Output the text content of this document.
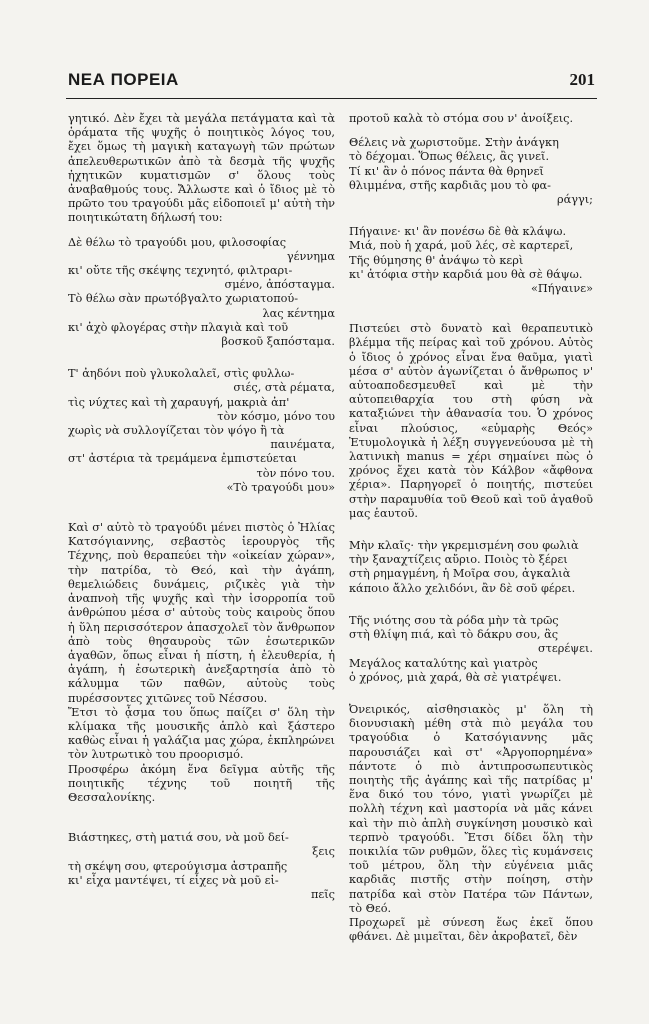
ΝΕΑ ΠΟΡΕΙΑ	201

γητικό. Δὲν ἔχει τὰ μεγάλα πετάγματα καὶ τὰ ὁράματα τῆς ψυχῆς ὁ ποιητικὸς λόγος του, ἔχει ὅμως τὴ μαγικὴ καταγωγὴ τῶν πρώτων ἀπελευθερωτικῶν ἀπὸ τὰ δεσμὰ τῆς ψυχῆς ἠχητικῶν κυματισμῶν σ' ὅλους τοὺς ἀναβαθμούς τους. Ἄλλωστε καὶ ὁ ἴδιος μὲ τὸ πρῶτο του τραγούδι μᾶς εἰδοποιεῖ μ' αὐτὴ τὴν ποιητικώτατη δήλωσή του:

Δὲ θέλω τὸ τραγούδι μου, φιλοσοφίας
γέννημα
κι' οὔτε τῆς σκέψης τεχνητό, φιλτραρι-
σμένο, ἀπόσταγμα.
Τὸ θέλω σὰν πρωτόβγαλτο χωριατοπού-
λας κέντημα
κι' ἀχὸ φλογέρας στὴν πλαγιὰ καὶ τοῦ
βοσκοῦ ξαπόσταμα.
Τ' ἀηδόνι ποὺ γλυκολαλεῖ, στὶς φυλλω-
σιές, στὰ ρέματα,
τὶς νύχτες καὶ τὴ χαραυγή, μακριὰ ἀπ'
τὸν κόσμο, μόνο του
χωρὶς νὰ συλλογίζεται τὸν ψόγο ἢ τὰ
παινέματα,
στ' ἀστέρια τὰ τρεμάμενα ἐμπιστεύεται
τὸν πόνο του.
«Τὸ τραγούδι μου»

Καὶ σ' αὐτὸ τὸ τραγούδι μένει πιστὸς ὁ Ἠλίας Κατσόγιαννης, σεβαστὸς ἱερουργὸς τῆς Τέχνης, ποὺ θεραπεύει τὴν «οἰκείαν χώραν», τὴν πατρίδα, τὸ Θεό, καὶ τὴν ἀγάπη, θεμελιώδεις δυνάμεις, ριζικὲς γιὰ τὴν ἀναπνοὴ τῆς ψυχῆς καὶ τὴν ἰσορροπία τοῦ ἀνθρώπου μέσα σ' αὐτοὺς τοὺς καιροὺς ὅπου ἡ ὕλη περισσότερον ἀπασχολεῖ τὸν ἄνθρωπον ἀπὸ τοὺς θησαυροὺς τῶν ἐσωτερικῶν ἀγαθῶν, ὅπως εἶναι ἡ πίστη, ἡ ἐλευθερία, ἡ ἀγάπη, ἡ ἐσωτερικὴ ἀνεξαρτησία ἀπὸ τὸ κάλυμμα τῶν παθῶν, αὐτοὺς τοὺς πυρέσσοντες χιτῶνες τοῦ Νέσσου.

Ἔτσι τὸ ᾆσμα του ὅπως παίζει σ' ὅλη τὴν κλίμακα τῆς μουσικῆς ἁπλὸ καὶ ξάστερο καθὼς εἶναι ἡ γαλάζια μας χώρα, ἐκπληρώνει τὸν λυτρωτικὸ του προορισμό.

Προσφέρω ἀκόμη ἕνα δεῖγμα αὐτῆς τῆς ποιητικῆς τέχνης τοῦ ποιητῆ τῆς Θεσσαλονίκης.

Βιάστηκες, στὴ ματιά σου, νὰ μοῦ δεί-
ξεις
τὴ σκέψη σου, φτερούγισμα ἀστραπῆς
κι' εἶχα μαντέψει, τί εἶχες νὰ μοῦ εἰ-
πεῖς
προτοῦ καλὰ τὸ στόμα σου ν' ἀνοίξεις.
Θέλεις νὰ χωριστοῦμε. Στὴν ἀνάγκη
τὸ δέχομαι. Ὅπως θέλεις, ἂς γινεῖ.
Τί κι' ἂν ὁ πόνος πάντα θὰ θρηνεῖ
θλιμμένα, στῆς καρδιᾶς μου τὸ φα-
ράγγι;
Πήγαινε· κι' ἂν πονέσω δὲ θὰ κλάψω.
Μιά, ποὺ ἡ χαρά, μοῦ λές, σὲ καρτερεῖ,
Τῆς θύμησης θ' ἀνάψω τὸ κερὶ
κι' ἀτόφια στὴν καρδιά μου θὰ σὲ θάψω.
«Πήγαινε»

Πιστεύει στὸ δυνατὸ καὶ θεραπευτικὸ βλέμμα τῆς πείρας καὶ τοῦ χρόνου. Αὐτὸς ὁ ἴδιος ὁ χρόνος εἶναι ἕνα θαῦμα, γιατὶ μέσα σ' αὐτὸν ἀγωνίζεται ὁ ἄνθρωπος ν' αὐτοαποδεσμευθεῖ καὶ μὲ τὴν αὐτοπειθαρχία του στὴ φύση νὰ καταξιώνει τὴν ἀθανασία του. Ὁ χρόνος εἶναι πλούσιος, «εὐμαρὴς Θεός» Ἐτυμολογικὰ ἡ λέξη συγγενεύουσα μὲ τὴ λατινικὴ manus = χέρι σημαίνει πὼς ὁ χρόνος ἔχει κατὰ τὸν Κάλβον «ἄφθονα χέρια». Παρηγορεῖ ὁ ποιητής, πιστεύει στὴν παραμυθία τοῦ Θεοῦ καὶ τοῦ ἀγαθοῦ μας ἑαυτοῦ.

Μὴν κλαῖς· τὴν γκρεμισμένη σου φωλιὰ
τὴν ξαναχτίζεις αὔριο. Ποιὸς τὸ ξέρει
στὴ ρημαγμένη, ἡ Μοῖρα σου, ἀγκαλιὰ
κάποιο ἄλλο χελιδόνι, ἂν δὲ σοῦ φέρει.
Τῆς νιότης σου τὰ ρόδα μὴν τὰ τρῶς
στὴ θλίψη πιά, καὶ τὸ δάκρυ σου, ἂς
στερέψει.
Μεγάλος καταλύτης καὶ γιατρὸς
ὁ χρόνος, μιὰ χαρά, θὰ σὲ γιατρέψει.

Ὀνειρικός, αἰσθησιακὸς μ' ὅλη τὴ διονυσιακὴ μέθη στὰ πιὸ μεγάλα του τραγούδια ὁ Κατσόγιαννης μᾶς παρουσιάζει καὶ στ' «Ἀργοπορημένα» πάντοτε ὁ πιὸ ἀντιπροσωπευτικὸς ποιητὴς τῆς ἀγάπης καὶ τῆς πατρίδας μ' ἕνα δικό του τόνο, γιατὶ γνωρίζει μὲ πολλὴ τέχνη καὶ μαστορία νὰ μᾶς κάνει καὶ τὴν πιὸ ἁπλὴ συγκίνηση μουσικὸ καὶ τερπνὸ τραγούδι. Ἔτσι δίδει ὅλη τὴν ποικιλία τῶν ρυθμῶν, ὅλες τὶς κυμάνσεις τοῦ μέτρου, ὅλη τὴν εὐγένεια μιᾶς καρδιᾶς πιστῆς στὴν ποίηση, στὴν πατρίδα καὶ στὸν Πατέρα τῶν Πάντων, τὸ Θεό.

Προχωρεῖ μὲ σύνεση ἕως ἐκεῖ ὅπου φθάνει. Δὲ μιμεῖται, δὲν ἀκροβατεῖ, δὲν
